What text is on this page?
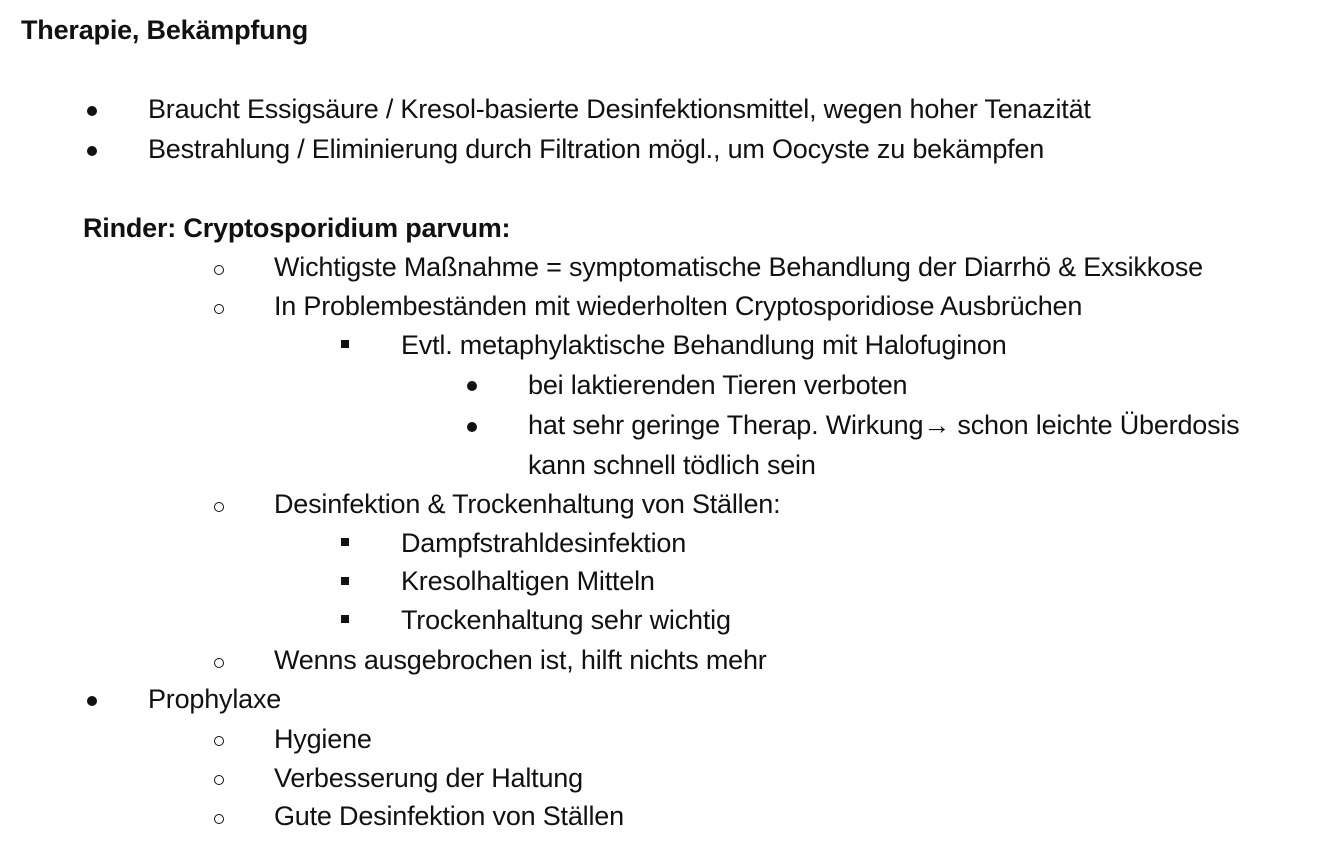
Therapie, Bekämpfung
Braucht Essigsäure / Kresol-basierte Desinfektionsmittel, wegen hoher Tenazität
Bestrahlung / Eliminierung durch Filtration mögl., um Oocyste zu bekämpfen
Rinder: Cryptosporidium parvum:
Wichtigste Maßnahme = symptomatische Behandlung der Diarrhö & Exsikkose
In Problembeständen mit wiederholten Cryptosporidiose Ausbrüchen
Evtl. metaphylaktische Behandlung mit Halofuginon
bei laktierenden Tieren verboten
hat sehr geringe Therap. Wirkung→ schon leichte Überdosis
kann schnell tödlich sein
Desinfektion & Trockenhaltung von Ställen:
Dampfstrahldesinfektion
Kresolhaltigen Mitteln
Trockenhaltung sehr wichtig
Wenns ausgebrochen ist, hilft nichts mehr
Prophylaxe
Hygiene
Verbesserung der Haltung
Gute Desinfektion von Ställen
